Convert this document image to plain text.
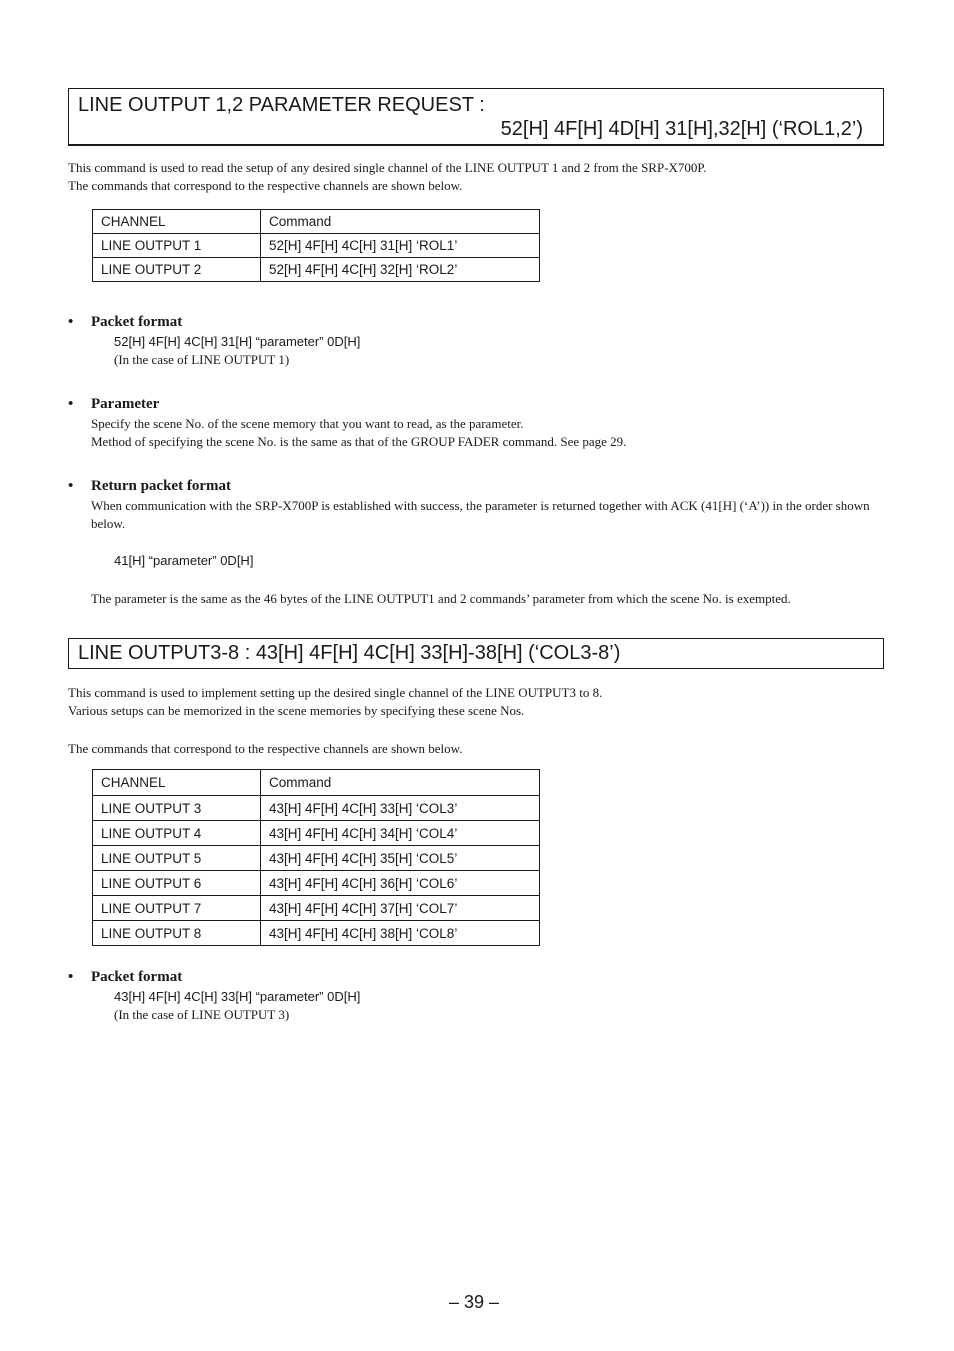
LINE OUTPUT 1,2 PARAMETER REQUEST :
52[H] 4F[H] 4D[H] 31[H],32[H] (‘ROL1,2’)
This command is used to read the setup of any desired single channel of the LINE OUTPUT 1 and 2 from the SRP-X700P.
The commands that correspond to the respective channels are shown below.
CHANNEL	Command
LINE OUTPUT 1	52[H] 4F[H] 4C[H] 31[H] ‘ROL1’
LINE OUTPUT 2	52[H] 4F[H] 4C[H] 32[H] ‘ROL2’
• Packet format
52[H] 4F[H] 4C[H] 31[H] “parameter” 0D[H]
(In the case of LINE OUTPUT 1)
• Parameter
Specify the scene No. of the scene memory that you want to read, as the parameter.
Method of specifying the scene No. is the same as that of the GROUP FADER command. See page 29.
• Return packet format
When communication with the SRP-X700P is established with success, the parameter is returned together with ACK (41[H] (‘A’)) in the order shown below.
41[H] “parameter” 0D[H]
The parameter is the same as the 46 bytes of the LINE OUTPUT1 and 2 commands’ parameter from which the scene No. is exempted.
LINE OUTPUT3-8 : 43[H] 4F[H] 4C[H] 33[H]-38[H] (‘COL3-8’)
This command is used to implement setting up the desired single channel of the LINE OUTPUT3 to 8.
Various setups can be memorized in the scene memories by specifying these scene Nos.
The commands that correspond to the respective channels are shown below.
CHANNEL	Command
LINE OUTPUT 3	43[H] 4F[H] 4C[H] 33[H] ‘COL3’
LINE OUTPUT 4	43[H] 4F[H] 4C[H] 34[H] ‘COL4’
LINE OUTPUT 5	43[H] 4F[H] 4C[H] 35[H] ‘COL5’
LINE OUTPUT 6	43[H] 4F[H] 4C[H] 36[H] ‘COL6’
LINE OUTPUT 7	43[H] 4F[H] 4C[H] 37[H] ‘COL7’
LINE OUTPUT 8	43[H] 4F[H] 4C[H] 38[H] ‘COL8’
• Packet format
43[H] 4F[H] 4C[H] 33[H] “parameter” 0D[H]
(In the case of LINE OUTPUT 3)
– 39 –
